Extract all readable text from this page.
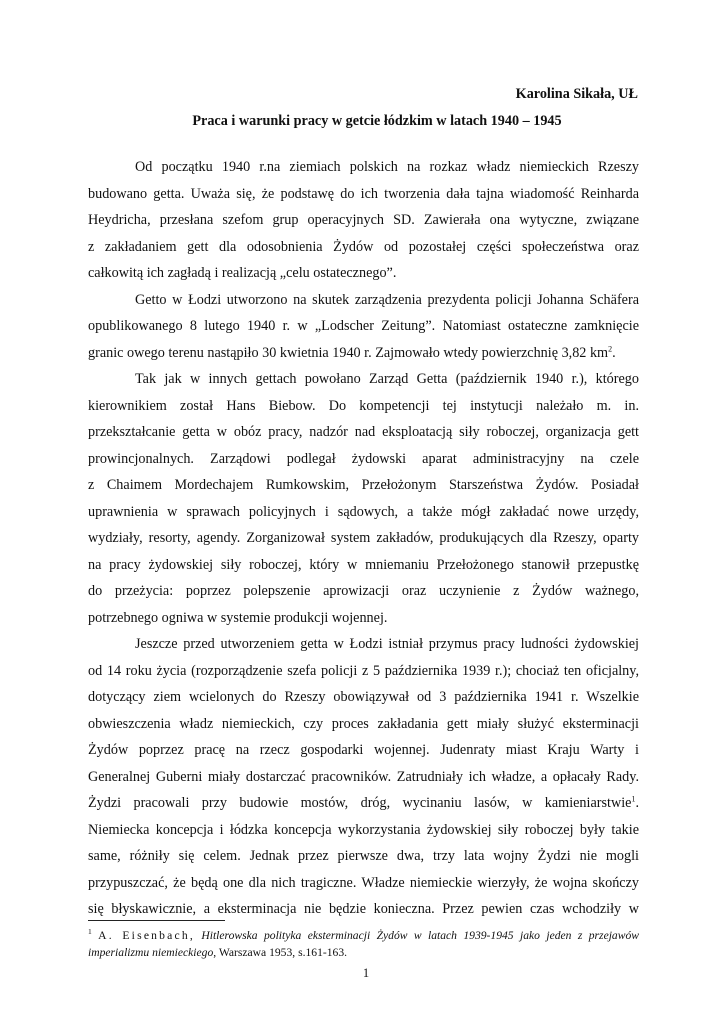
Karolina Sikała, UŁ
Praca i warunki pracy w getcie łódzkim w latach 1940 – 1945
Od początku 1940 r.na ziemiach polskich na rozkaz władz niemieckich Rzeszy
budowano getta. Uważa się, że podstawę do ich tworzenia dała tajna wiadomość Reinharda
Heydricha, przesłana szefom grup operacyjnych SD. Zawierała ona wytyczne, związane
z zakładaniem gett dla odosobnienia Żydów od pozostałej części społeczeństwa oraz
całkowitą ich zagładą i realizacją „celu ostatecznego”.
Getto w Łodzi utworzono na skutek zarządzenia prezydenta policji Johanna Schäfera
opublikowanego 8 lutego 1940 r. w „Lodscher Zeitung”. Natomiast ostateczne zamknięcie
granic owego terenu nastąpiło 30 kwietnia 1940 r. Zajmowało wtedy powierzchnię 3,82 $km^2$.
Tak jak w innych gettach powołano Zarząd Getta (październik 1940 r.), którego
kierownikiem został Hans Biebow. Do kompetencji tej instytucji należało m. in.
przekształcanie getta w obóz pracy, nadzór nad eksploatacją siły roboczej, organizacja gett
prowincjonalnych. Zarządowi podlegał żydowski aparat administracyjny na czele
z Chaimem Mordechajem Rumkowskim, Przełożonym Starszeństwa Żydów. Posiadał
uprawnienia w sprawach policyjnych i sądowych, a także mógł zakładać nowe urzędy,
wydziały, resorty, agendy. Zorganizował system zakładów, produkujących dla Rzeszy, oparty
na pracy żydowskiej siły roboczej, który w mniemaniu Przełożonego stanowił przepustkę
do przeżycia: poprzez polepszenie aprowizacji oraz uczynienie z Żydów ważnego,
potrzebnego ogniwa w systemie produkcji wojennej.
Jeszcze przed utworzeniem getta w Łodzi istniał przymus pracy ludności żydowskiej
od 14 roku życia (rozporządzenie szefa policji z 5 października 1939 r.); chociaż ten oficjalny,
dotyczący ziem wcielonych do Rzeszy obowiązywał od 3 października 1941 r. Wszelkie
obwieszczenia władz niemieckich, czy proces zakładania gett miały służyć eksterminacji
Żydów poprzez pracę na rzecz gospodarki wojennej. Judenraty miast Kraju Warty i
Generalnej Guberni miały dostarczać pracowników. Zatrudniały ich władze, a opłacały Rady.
Żydzi pracowali przy budowie mostów, dróg, wycinaniu lasów, w kamieniarstwie$^1$.
Niemiecka koncepcja i łódzka koncepcja wykorzystania żydowskiej siły roboczej były takie
same, różniły się celem. Jednak przez pierwsze dwa, trzy lata wojny Żydzi nie mogli
przypuszczać, że będą one dla nich tragiczne. Władze niemieckie wierzyły, że wojna skończy
się błyskawicznie, a eksterminacja nie będzie konieczna. Przez pewien czas wchodziły w
$^1$ A. Eisenbach, Hitlerowska polityka eksterminacji Żydów w latach 1939-1945 jako jeden z przejawów
imperializmu niemieckiego, Warszawa 1953, s.161-163.
1
